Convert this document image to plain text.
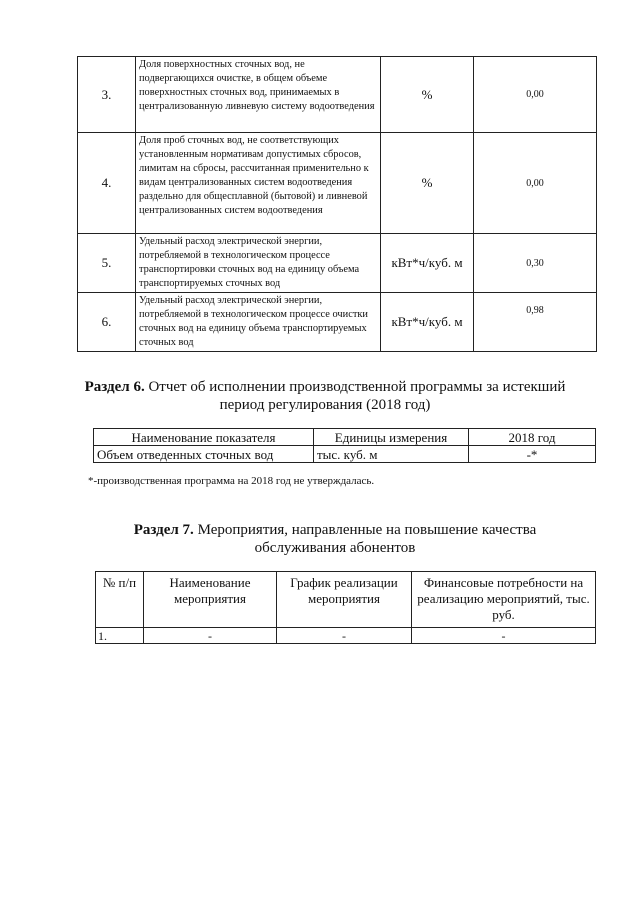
3.	Доля поверхностных сточных вод, не подвергающихся очистке, в общем объеме поверхностных сточных вод, принимаемых в централизованную ливневую систему водоотведения	%	0,00
4.	Доля проб сточных вод, не соответствующих установленным нормативам допустимых сбросов, лимитам на сбросы, рассчитанная применительно к видам централизованных систем водоотведения раздельно для общесплавной (бытовой) и ливневой централизованных систем водоотведения	%	0,00
5.	Удельный расход электрической энергии, потребляемой в технологическом процессе транспортировки сточных вод на единицу объема транспортируемых сточных вод	кВт*ч/куб. м	0,30
6.	Удельный расход электрической энергии, потребляемой в технологическом процессе очистки сточных вод на единицу объема транспортируемых сточных вод	кВт*ч/куб. м	0,98
Раздел 6. Отчет об исполнении производственной программы за истекший период регулирования (2018 год)
Наименование показателя	Единицы измерения	2018 год
Объем отведенных сточных вод	тыс. куб. м	-*
*-производственная программа на 2018 год не утверждалась.
Раздел 7. Мероприятия, направленные на повышение качества обслуживания абонентов
№ п/п	Наименование мероприятия	График реализации мероприятия	Финансовые потребности на реализацию мероприятий, тыс. руб.
1.	-	-	-
